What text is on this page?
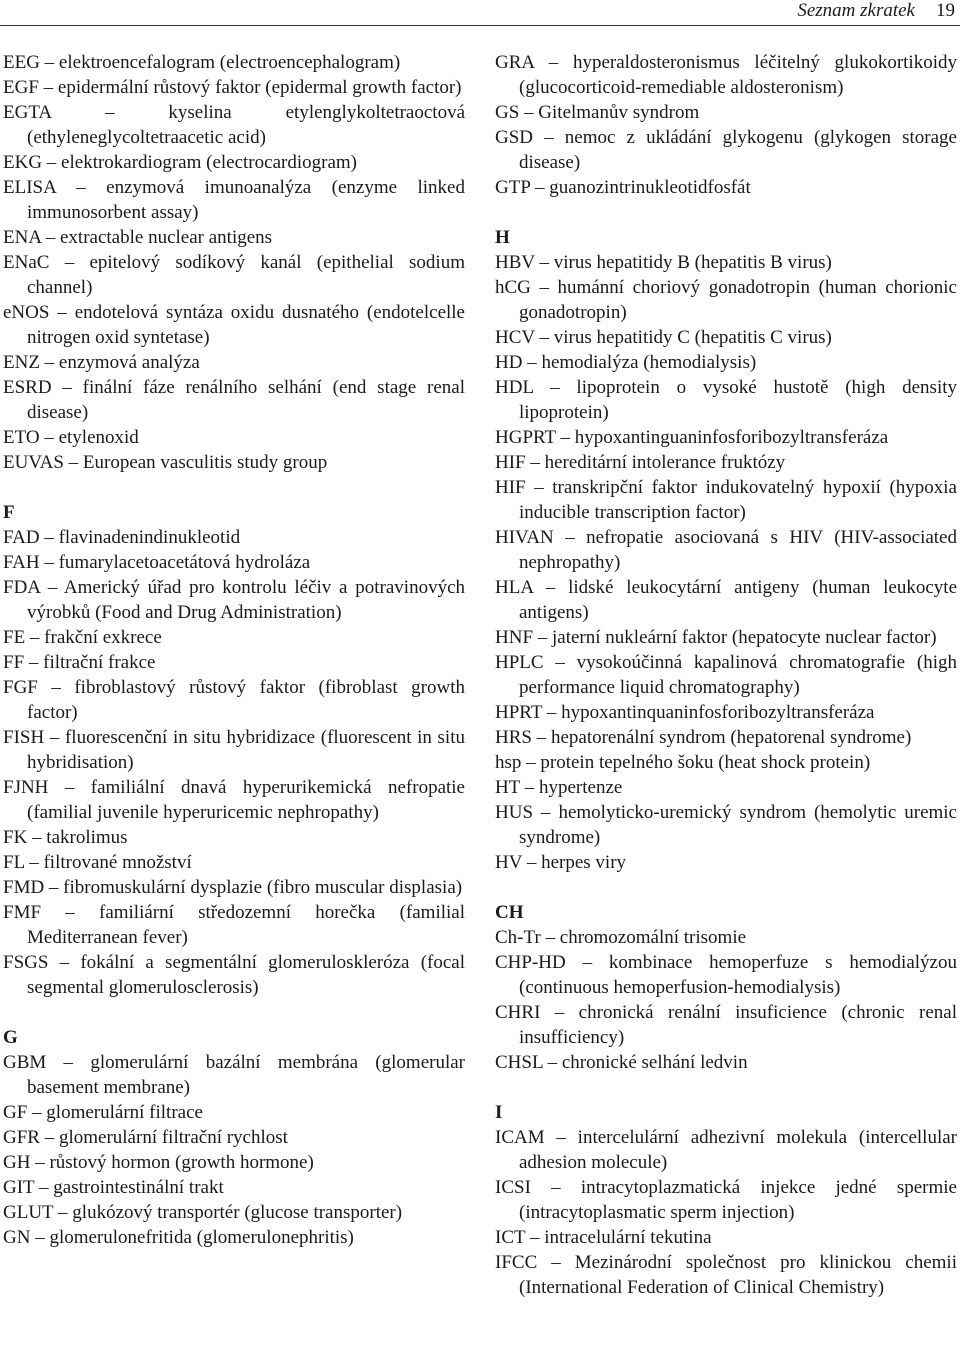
Seznam zkratek 19
EEG – elektroencefalogram (electroencephalogram)
EGF – epidermální růstový faktor (epidermal growth factor)
EGTA – kyselina etylenglykoltetraoctová (ethyleneglycoltetraacetic acid)
EKG – elektrokardiogram (electrocardiogram)
ELISA – enzymová imunoanalýza (enzyme linked immunosorbent assay)
ENA – extractable nuclear antigens
ENaC – epitelový sodíkový kanál (epithelial sodium channel)
eNOS – endotelová syntáza oxidu dusnatého (endotelcelle nitrogen oxid syntetase)
ENZ – enzymová analýza
ESRD – finální fáze renálního selhání (end stage renal disease)
ETO – etylenoxid
EUVAS – European vasculitis study group
F
FAD – flavinadenindinukleotid
FAH – fumarylacetoacetátová hydroláza
FDA – Americký úřad pro kontrolu léčiv a potravinových výrobků (Food and Drug Administration)
FE – frakční exkrece
FF – filtrační frakce
FGF – fibroblastový růstový faktor (fibroblast growth factor)
FISH – fluorescenční in situ hybridizace (fluorescent in situ hybridisation)
FJNH – familiální dnavá hyperurikemická nefropatie (familial juvenile hyperuricemic nephropathy)
FK – takrolimus
FL – filtrované množství
FMD – fibromuskulární dysplazie (fibro muscular displasia)
FMF – familiární středozemní horečka (familial Mediterranean fever)
FSGS – fokální a segmentální glomeruloskleróza (focal segmental glomerulosclerosis)
G
GBM – glomerulární bazální membrána (glomerular basement membrane)
GF – glomerulární filtrace
GFR – glomerulární filtrační rychlost
GH – růstový hormon (growth hormone)
GIT – gastrointestinální trakt
GLUT – glukózový transportér (glucose transporter)
GN – glomerulonefritida (glomerulonephritis)
GRA – hyperaldosteronismus léčitelný glukokortikoidy (glucocorticoid-remediable aldosteronism)
GS – Gitelmanův syndrom
GSD – nemoc z ukládání glykogenu (glykogen storage disease)
GTP – guanozintrinukleotidfosfát
H
HBV – virus hepatitidy B (hepatitis B virus)
hCG – humánní choriový gonadotropin (human chorionic gonadotropin)
HCV – virus hepatitidy C (hepatitis C virus)
HD – hemodialýza (hemodialysis)
HDL – lipoprotein o vysoké hustotě (high density lipoprotein)
HGPRT – hypoxantinguaninfosforibozyltransferáza
HIF – hereditární intolerance fruktózy
HIF – transkripční faktor indukovatelný hypoxií (hypoxia inducible transcription factor)
HIVAN – nefropatie asociovaná s HIV (HIV-associated nephropathy)
HLA – lidské leukocytární antigeny (human leukocyte antigens)
HNF – jaterní nukleární faktor (hepatocyte nuclear factor)
HPLC – vysokoúčinná kapalinová chromatografie (high performance liquid chromatography)
HPRT – hypoxantinquaninfosforibozyltransferáza
HRS – hepatorenální syndrom (hepatorenal syndrome)
hsp – protein tepelného šoku (heat shock protein)
HT – hypertenze
HUS – hemolyticko-uremický syndrom (hemolytic uremic syndrome)
HV – herpes viry
CH
Ch-Tr – chromozomální trisomie
CHP-HD – kombinace hemoperfuze s hemodialýzou (continuous hemoperfusion-hemodialysis)
CHRI – chronická renální insuficience (chronic renal insufficiency)
CHSL – chronické selhání ledvin
I
ICAM – intercelulární adhezivní molekula (intercellular adhesion molecule)
ICSI – intracytoplazmatická injekce jedné spermie (intracytoplasmatic sperm injection)
ICT – intracelulární tekutina
IFCC – Mezinárodní společnost pro klinickou chemii (International Federation of Clinical Chemistry)
